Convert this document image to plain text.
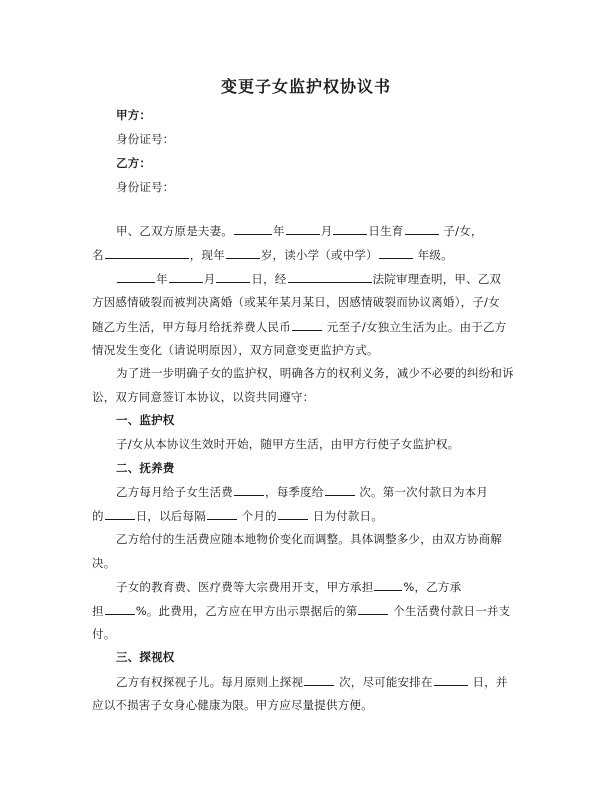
变更子女监护权协议书
甲方：
身份证号：
乙方：
身份证号：
甲、乙双方原是夫妻。	年	月	日生育	子/女，
名	，现年	岁，读小学（或中学）	年级。
年	月	日，经	法院审理查明，甲、乙双
方因感情破裂而被判决离婚（或某年某月某日，因感情破裂而协议离婚），子/女
随乙方生活，甲方每月给抚养费人民币	元至子/女独立生活为止。由于乙方
情况发生变化（请说明原因），双方同意变更监护方式。
为了进一步明确子女的监护权，明确各方的权利义务，减少不必要的纠纷和诉
讼，双方同意签订本协议，以资共同遵守：
一、监护权
子/女从本协议生效时开始，随甲方生活，由甲方行使子女监护权。
二、抚养费
乙方每月给子女生活费	，每季度给	次。第一次付款日为本月
的	日，以后每隔	个月的	日为付款日。
乙方给付的生活费应随本地物价变化而调整。具体调整多少，由双方协商解
决。
子女的教育费、医疗费等大宗费用开支，甲方承担	%，乙方承
担	%。此费用，乙方应在甲方出示票据后的第	个生活费付款日一并支
付。
三、探视权
乙方有权探视子儿。每月原则上探视	次，尽可能安排在	日，并
应以不损害子女身心健康为限。甲方应尽量提供方便。
